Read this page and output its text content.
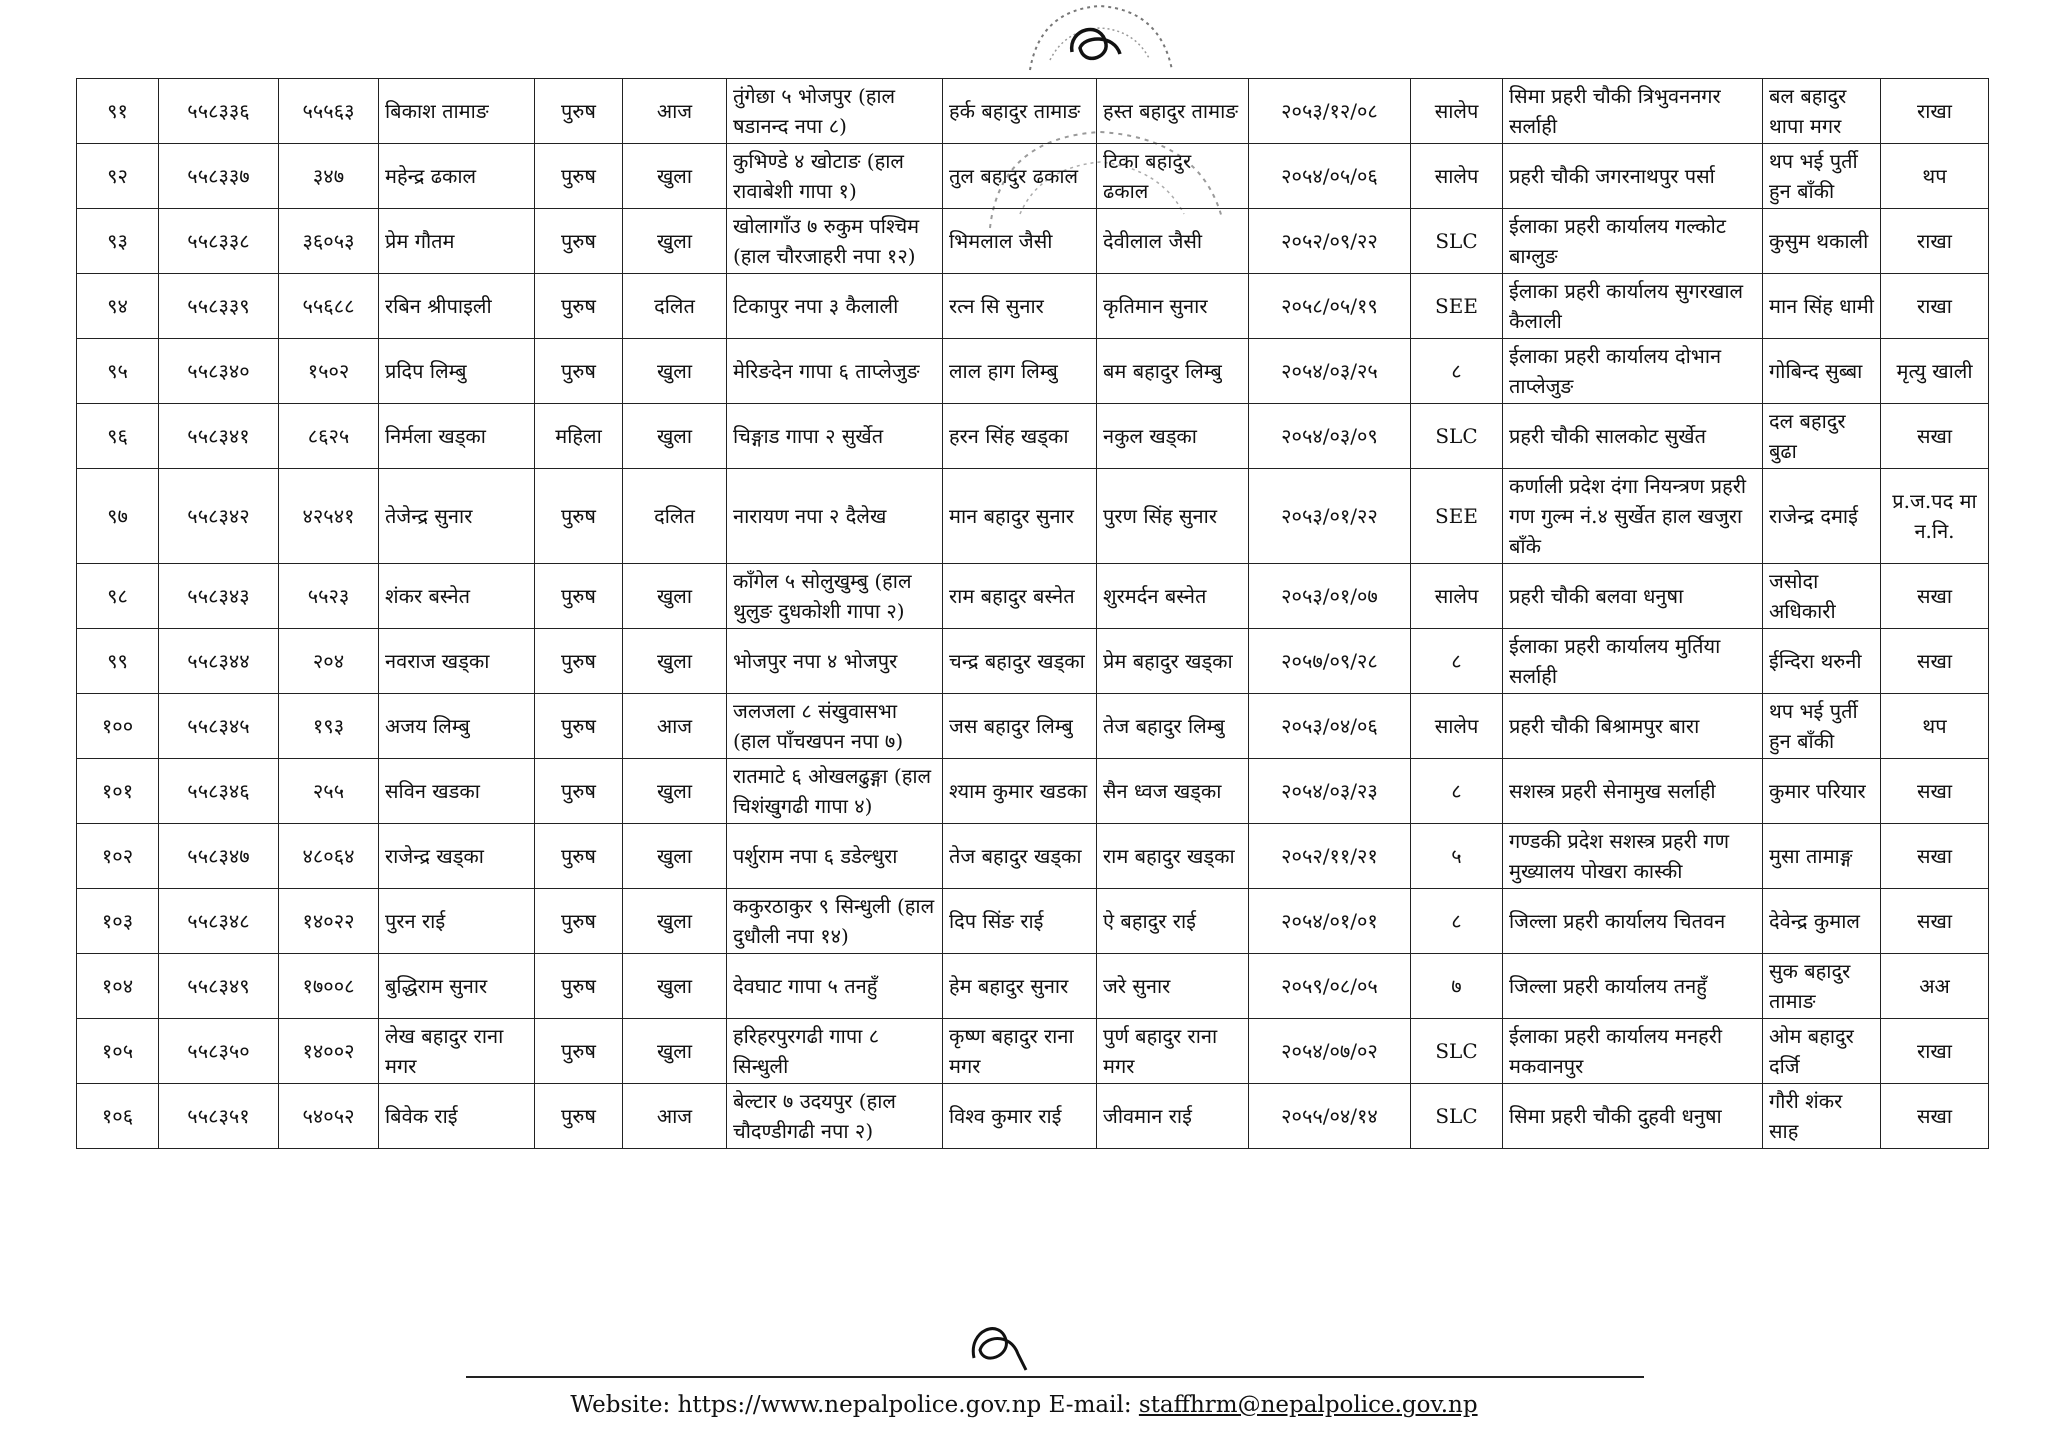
९१	५५८३३६	५५५६३	बिकाश तामाङ	पुरुष	आज	तुंगेछा ५ भोजपुर (हाल षडानन्द नपा ८)	हर्क बहादुर तामाङ	हस्त बहादुर तामाङ	२०५३/१२/०८	सालेप	सिमा प्रहरी चौकी त्रिभुवननगर सर्लाही	बल बहादुर थापा मगर	राखा
९२	५५८३३७	३४७	महेन्द्र ढकाल	पुरुष	खुला	कुभिण्डे ४ खोटाङ (हाल रावाबेशी गापा १)	तुल बहादुर ढकाल	टिका बहादुर ढकाल	२०५४/०५/०६	सालेप	प्रहरी चौकी जगरनाथपुर पर्सा	थप भई पुर्ती हुन बाँकी	थप
९३	५५८३३८	३६०५३	प्रेम गौतम	पुरुष	खुला	खोलागाँउ ७ रुकुम पश्चिम (हाल चौरजाहरी नपा १२)	भिमलाल जैसी	देवीलाल जैसी	२०५२/०९/२२	SLC	ईलाका प्रहरी कार्यालय गल्कोट बाग्लुङ	कुसुम थकाली	राखा
९४	५५८३३९	५५६८८	रबिन श्रीपाइली	पुरुष	दलित	टिकापुर नपा ३ कैलाली	रत्न सि सुनार	कृतिमान सुनार	२०५८/०५/१९	SEE	ईलाका प्रहरी कार्यालय सुगरखाल कैलाली	मान सिंह धामी	राखा
९५	५५८३४०	१५०२	प्रदिप लिम्बु	पुरुष	खुला	मेरिङदेन गापा ६ ताप्लेजुङ	लाल हाग लिम्बु	बम बहादुर लिम्बु	२०५४/०३/२५	८	ईलाका प्रहरी कार्यालय दोभान ताप्लेजुङ	गोबिन्द सुब्बा	मृत्यु खाली
९६	५५८३४१	८६२५	निर्मला खड्का	महिला	खुला	चिङ्गाड गापा २ सुर्खेत	हरन सिंह खड्का	नकुल खड्का	२०५४/०३/०९	SLC	प्रहरी चौकी सालकोट सुर्खेत	दल बहादुर बुढा	सखा
९७	५५८३४२	४२५४१	तेजेन्द्र सुनार	पुरुष	दलित	नारायण नपा २ दैलेख	मान बहादुर सुनार	पुरण सिंह सुनार	२०५३/०१/२२	SEE	कर्णाली प्रदेश दंगा नियन्त्रण प्रहरी गण गुल्म नं.४ सुर्खेत हाल खजुरा बाँके	राजेन्द्र दमाई	प्र.ज.पद मा न.नि.
९८	५५८३४३	५५२३	शंकर बस्नेत	पुरुष	खुला	काँगेल ५ सोलुखुम्बु (हाल थुलुङ दुधकोशी गापा २)	राम बहादुर बस्नेत	शुरमर्दन बस्नेत	२०५३/०१/०७	सालेप	प्रहरी चौकी बलवा धनुषा	जसोदा अधिकारी	सखा
९९	५५८३४४	२०४	नवराज खड्का	पुरुष	खुला	भोजपुर नपा ४ भोजपुर	चन्द्र बहादुर खड्का	प्रेम बहादुर खड्का	२०५७/०९/२८	८	ईलाका प्रहरी कार्यालय मुर्तिया सर्लाही	ईन्दिरा थरुनी	सखा
१००	५५८३४५	१९३	अजय लिम्बु	पुरुष	आज	जलजला ८ संखुवासभा (हाल पाँचखपन नपा ७)	जस बहादुर लिम्बु	तेज बहादुर लिम्बु	२०५३/०४/०६	सालेप	प्रहरी चौकी बिश्रामपुर बारा	थप भई पुर्ती हुन बाँकी	थप
१०१	५५८३४६	२५५	सविन खडका	पुरुष	खुला	रातमाटे ६ ओखलढुङ्गा (हाल चिशंखुगढी गापा ४)	श्याम कुमार खडका	सैन ध्वज खड्का	२०५४/०३/२३	८	सशस्त्र प्रहरी सेनामुख सर्लाही	कुमार परियार	सखा
१०२	५५८३४७	४८०६४	राजेन्द्र खड्का	पुरुष	खुला	पर्शुराम नपा ६ डडेल्धुरा	तेज बहादुर खड्का	राम बहादुर खड्का	२०५२/११/२१	५	गण्डकी प्रदेश सशस्त्र प्रहरी गण मुख्यालय पोखरा कास्की	मुसा तामाङ्ग	सखा
१०३	५५८३४८	१४०२२	पुरन राई	पुरुष	खुला	ककुरठाकुर ९ सिन्धुली (हाल दुधौली नपा १४)	दिप सिंङ राई	ऐ बहादुर राई	२०५४/०१/०१	८	जिल्ला प्रहरी कार्यालय चितवन	देवेन्द्र कुमाल	सखा
१०४	५५८३४९	१७००८	बुद्धिराम सुनार	पुरुष	खुला	देवघाट गापा ५ तनहुँ	हेम बहादुर सुनार	जरे सुनार	२०५९/०८/०५	७	जिल्ला प्रहरी कार्यालय तनहुँ	सुक बहादुर तामाङ	अअ
१०५	५५८३५०	१४००२	लेख बहादुर राना मगर	पुरुष	खुला	हरिहरपुरगढी गापा ८ सिन्धुली	कृष्ण बहादुर राना मगर	पुर्ण बहादुर राना मगर	२०५४/०७/०२	SLC	ईलाका प्रहरी कार्यालय मनहरी मकवानपुर	ओम बहादुर दर्जि	राखा
१०६	५५८३५१	५४०५२	बिवेक राई	पुरुष	आज	बेल्टार ७ उदयपुर (हाल चौदण्डीगढी नपा २)	विश्व कुमार राई	जीवमान राई	२०५५/०४/१४	SLC	सिमा प्रहरी चौकी दुहवी धनुषा	गौरी शंकर साह	सखा
Website: https://www.nepalpolice.gov.np E-mail: staffhrm@nepalpolice.gov.np
